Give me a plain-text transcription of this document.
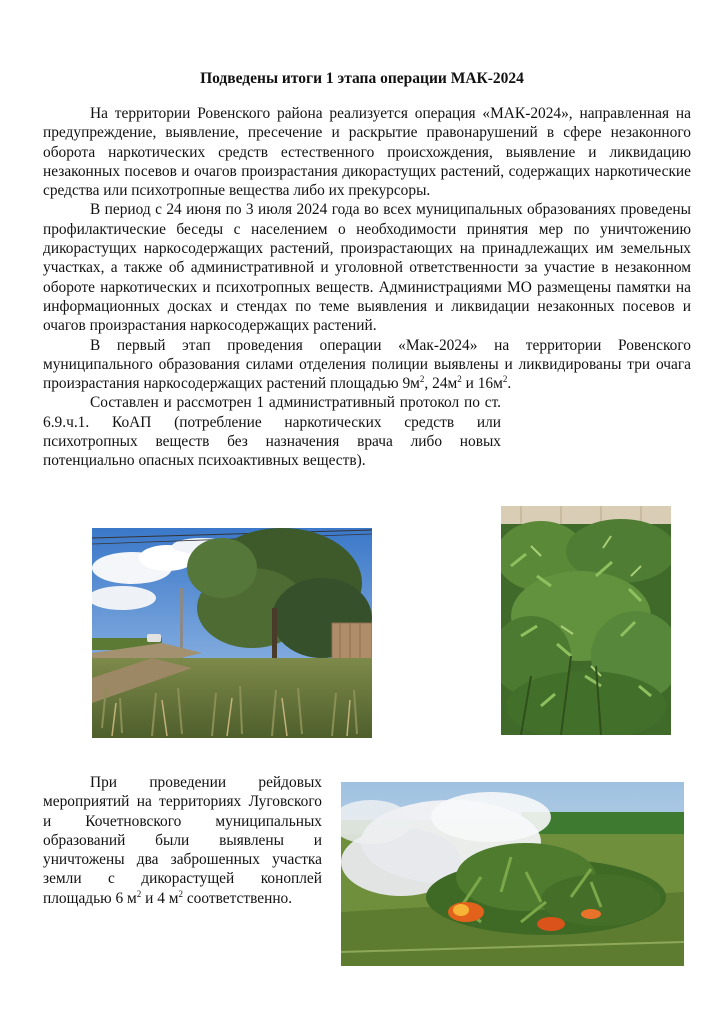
Подведены итоги 1 этапа операции МАК-2024

На территории Ровенского района реализуется операция «МАК-2024», направленная на предупреждение, выявление, пресечение и раскрытие правонарушений в сфере незаконного оборота наркотических средств естественного происхождения, выявление и ликвидацию незаконных посевов и очагов произрастания дикорастущих растений, содержащих наркотические средства или психотропные вещества либо их прекурсоры.

В период с 24 июня по 3 июля 2024 года во всех муниципальных образованиях проведены профилактические беседы с населением о необходимости принятия мер по уничтожению дикорастущих наркосодержащих растений, произрастающих на принадлежащих им земельных участках, а также об административной и уголовной ответственности за участие в незаконном обороте наркотических и психотропных веществ. Администрациями МО размещены памятки на информационных досках и стендах по теме выявления и ликвидации незаконных посевов и очагов произрастания наркосодержащих растений.

В первый этап проведения операции «Мак-2024» на территории Ровенского муниципального образования силами отделения полиции выявлены и ликвидированы три очага произрастания наркосодержащих растений площадью $9м^2$, $24м^2$ и $16м^2$.

Составлен и рассмотрен 1 административный протокол по ст. 6.9.ч.1. КоАП (потребление наркотических средств или психотропных веществ без назначения врача либо новых потенциально опасных психоактивных веществ).

При проведении рейдовых мероприятий на территориях Луговского и Кочетновского муниципальных образований были выявлены и уничтожены два заброшенных участка земли с дикорастущей коноплей площадью 6 $м^2$ и 4 $м^2$ соответственно.
